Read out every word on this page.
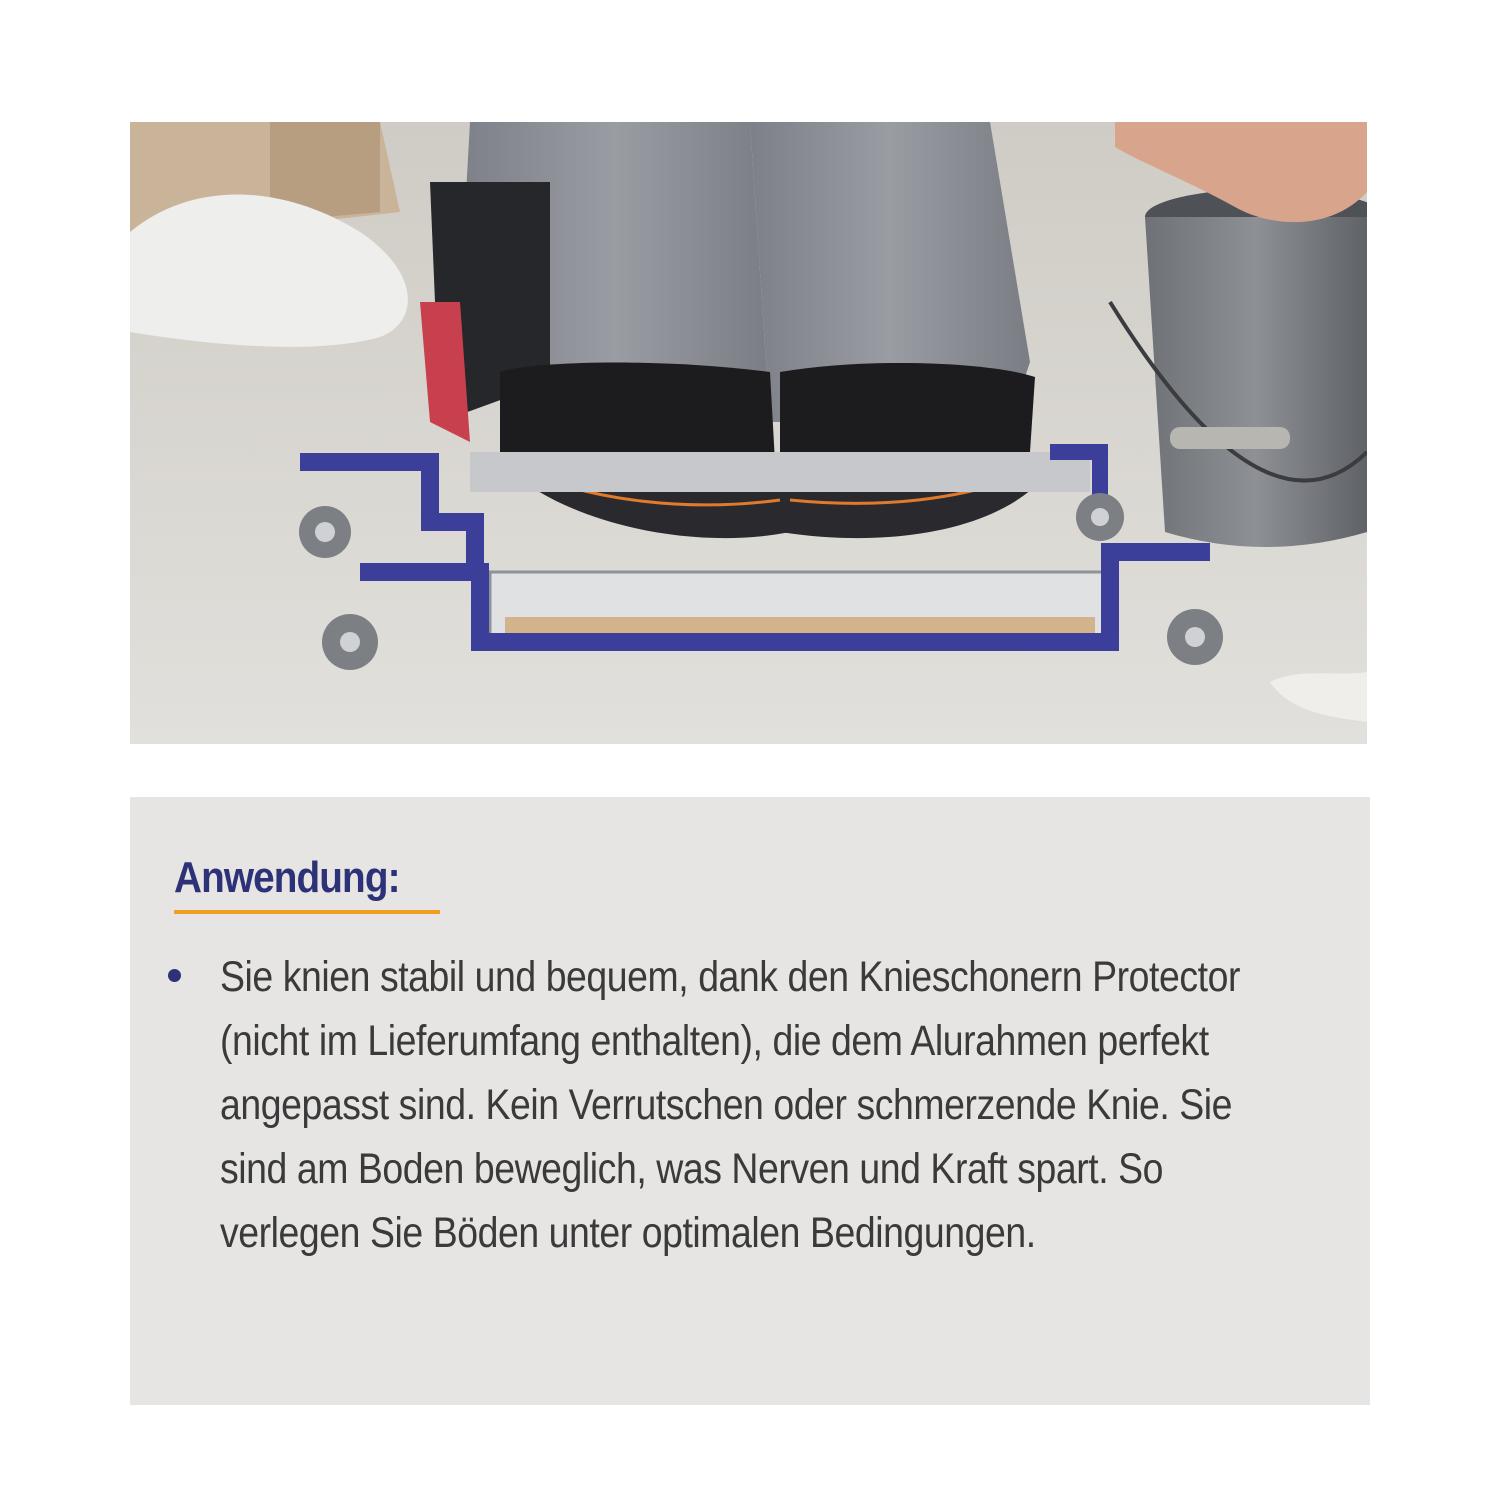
Anwendung:
Sie knien stabil und bequem, dank den Knieschonern Protector (nicht im Lieferumfang enthalten), die dem Alurahmen perfekt angepasst sind. Kein Verrutschen oder schmerzende Knie. Sie sind am Boden beweglich, was Nerven und Kraft spart. So verlegen Sie Böden unter optimalen Bedingungen.
